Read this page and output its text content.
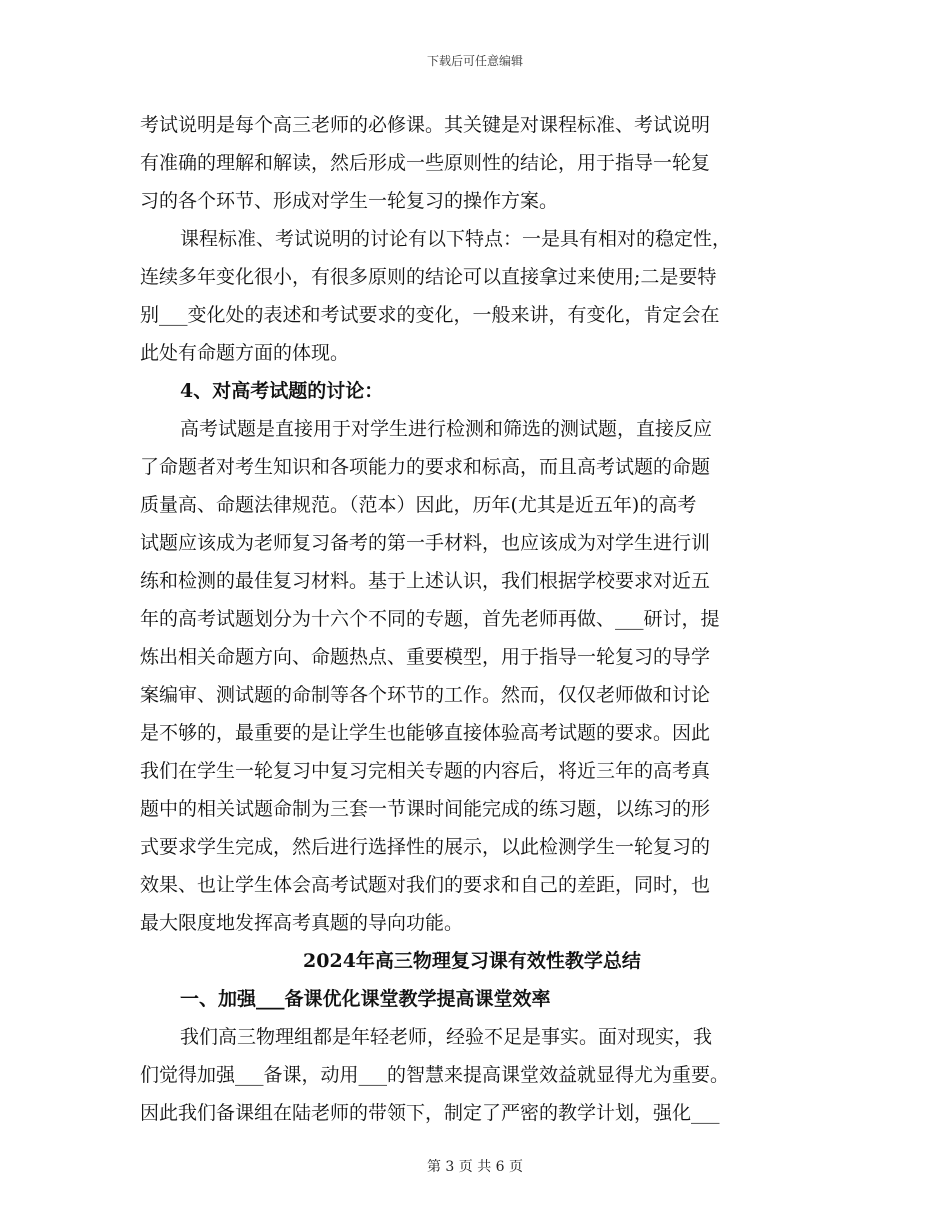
下载后可任意编辑
考试说明是每个高三老师的必修课。其关键是对课程标准、考试说明
有准确的理解和解读，然后形成一些原则性的结论，用于指导一轮复
习的各个环节、形成对学生一轮复习的操作方案。
课程标准、考试说明的讨论有以下特点：一是具有相对的稳定性，
连续多年变化很小，有很多原则的结论可以直接拿过来使用;二是要特
别___变化处的表述和考试要求的变化，一般来讲，有变化，肯定会在
此处有命题方面的体现。
4、对高考试题的讨论：
高考试题是直接用于对学生进行检测和筛选的测试题，直接反应
了命题者对考生知识和各项能力的要求和标高，而且高考试题的命题
质量高、命题法律规范。（范本）因此，历年(尤其是近五年)的高考
试题应该成为老师复习备考的第一手材料，也应该成为对学生进行训
练和检测的最佳复习材料。基于上述认识，我们根据学校要求对近五
年的高考试题划分为十六个不同的专题，首先老师再做、___研讨，提
炼出相关命题方向、命题热点、重要模型，用于指导一轮复习的导学
案编审、测试题的命制等各个环节的工作。然而，仅仅老师做和讨论
是不够的，最重要的是让学生也能够直接体验高考试题的要求。因此
我们在学生一轮复习中复习完相关专题的内容后，将近三年的高考真
题中的相关试题命制为三套一节课时间能完成的练习题，以练习的形
式要求学生完成，然后进行选择性的展示，以此检测学生一轮复习的
效果、也让学生体会高考试题对我们的要求和自己的差距，同时，也
最大限度地发挥高考真题的导向功能。
2024年高三物理复习课有效性教学总结
一、加强___备课优化课堂教学提高课堂效率
我们高三物理组都是年轻老师，经验不足是事实。面对现实，我
们觉得加强___备课，动用___的智慧来提高课堂效益就显得尤为重要。
因此我们备课组在陆老师的带领下，制定了严密的教学计划，强化___
第 3 页 共 6 页
